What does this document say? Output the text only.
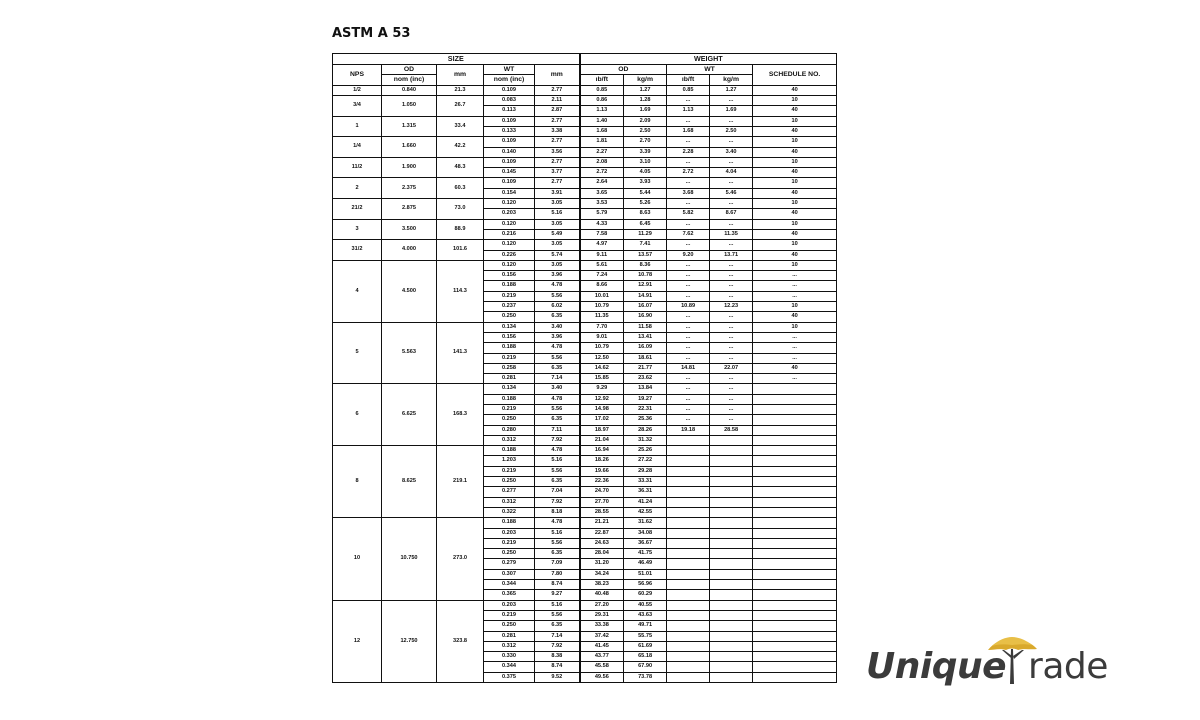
ASTM A 53
SIZE					WEIGHT				
NPS	OD	mm	WT	mm	OD		WT		SCHEDULE NO.
	nom (inc)		nom (inc)		ıb/ft	kg/m	ıb/ft	kg/m	
1/2	0.840	21.3	0.109	2.77	0.85	1.27	0.85	1.27	40
3/4	1.050	26.7	0.083	2.11	0.86	1.28	...	...	10
			0.113	2.87	1.13	1.69	1.13	1.69	40
1	1.315	33.4	0.109	2.77	1.40	2.09	...	...	10
			0.133	3.38	1.68	2.50	1.68	2.50	40
1/4	1.660	42.2	0.109	2.77	1.81	2.70	...	...	10
			0.140	3.56	2.27	3.39	2.28	3.40	40
11/2	1.900	48.3	0.109	2.77	2.08	3.10	...	...	10
			0.145	3.77	2.72	4.05	2.72	4.04	40
2	2.375	60.3	0.109	2.77	2.64	3.93	...	...	10
			0.154	3.91	3.65	5.44	3.68	5.46	40
21/2	2.875	73.0	0.120	3.05	3.53	5.26	...	...	10
			0.203	5.16	5.79	8.63	5.82	8.67	40
3	3.500	88.9	0.120	3.05	4.33	6.45	...	...	10
			0.216	5.49	7.58	11.29	7.62	11.35	40
31/2	4.000	101.6	0.120	3.05	4.97	7.41	...	...	10
			0.226	5.74	9.11	13.57	9.20	13.71	40
4	4.500	114.3	0.120	3.05	5.61	8.36	...	...	10
			0.156	3.96	7.24	10.78	...	...	...
			0.188	4.78	8.66	12.91	...	...	...
			0.219	5.56	10.01	14.91	...	...	...
			0.237	6.02	10.79	16.07	10.89	12.23	10
			0.250	6.35	11.35	16.90	...	...	40
5	5.563	141.3	0.134	3.40	7.70	11.58	...	...	10
			0.156	3.96	9.01	13.41	...	...	...
			0.188	4.78	10.79	16.09	...	...	...
			0.219	5.56	12.50	18.61	...	...	...
			0.258	6.35	14.62	21.77	14.81	22.07	40
			0.281	7.14	15.85	23.62	...	...	...
6	6.625	168.3	0.134	3.40	9.29	13.84	...	...	
			0.188	4.78	12.92	19.27	...	...	
			0.219	5.56	14.98	22.31	...	...	
			0.250	6.35	17.02	25.36	...	...	
			0.280	7.11	18.97	28.26	19.18	28.58	
			0.312	7.92	21.04	31.32			
8	8.625	219.1	0.188	4.78	16.94	25.26			
			1.203	5.16	18.26	27.22			
			0.219	5.56	19.66	29.28			
			0.250	6.35	22.36	33.31			
			0.277	7.04	24.70	36.31			
			0.312	7.92	27.70	41.24			
			0.322	8.18	28.55	42.55			
10	10.750	273.0	0.188	4.78	21.21	31.62			
			0.203	5.16	22.87	34.08			
			0.219	5.56	24.63	36.67			
			0.250	6.35	28.04	41.75			
			0.279	7.09	31.20	46.49			
			0.307	7.80	34.24	51.01			
			0.344	8.74	38.23	56.96			
			0.365	9.27	40.48	60.29			
12	12.750	323.8	0.203	5.16	27.20	40.55			
			0.219	5.56	29.31	43.63			
			0.250	6.35	33.38	49.71			
			0.281	7.14	37.42	55.75			
			0.312	7.92	41.45	61.69			
			0.330	8.38	43.77	65.18			
			0.344	8.74	45.58	67.90			
			0.375	9.52	49.56	73.78				Unique rade
